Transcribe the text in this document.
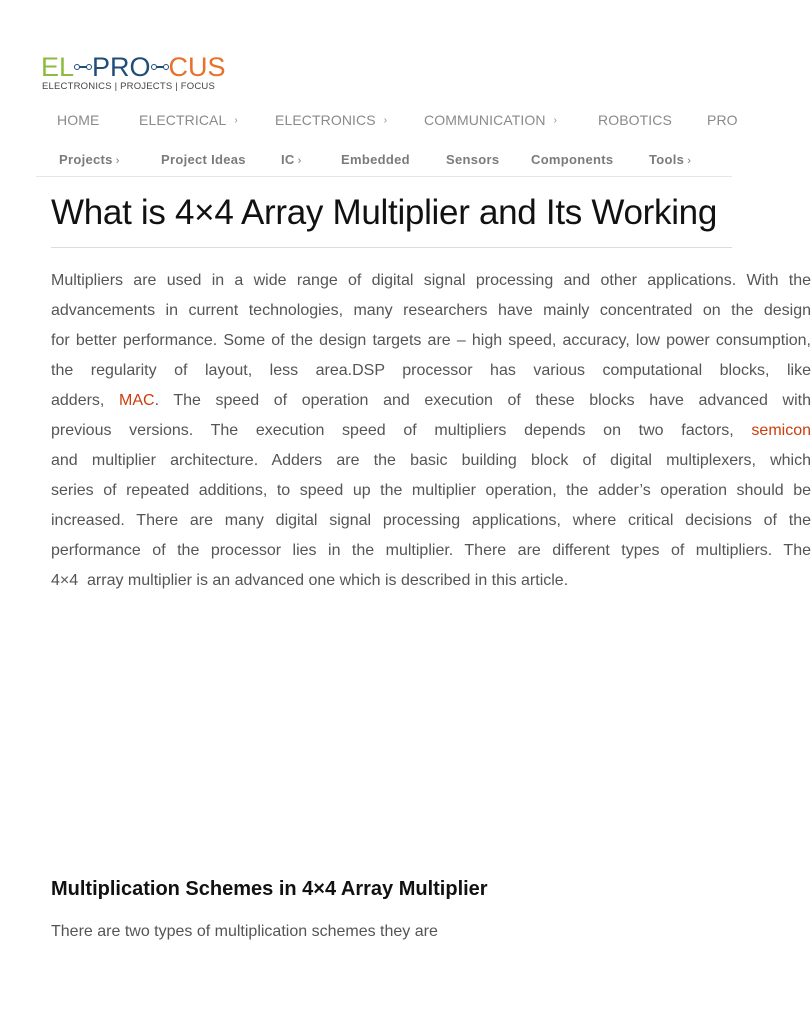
EL PRO CUS
ELECTRONICS | PROJECTS | FOCUS
HOME	ELECTRICAL ›	ELECTRONICS ›	COMMUNICATION ›	ROBOTICS	PRO
Projects ›	Project Ideas	IC ›	Embedded	Sensors Components	Tools ›
What is 4×4 Array Multiplier and Its Working
Multipliers are used in a wide range of digital signal processing and other applications. With the
advancements in current technologies, many researchers have mainly concentrated on the design
for better performance. Some of the design targets are – high speed, accuracy, low power consumption,
the regularity of layout, less area.DSP processor has various computational blocks, like
adders, MAC. The speed of operation and execution of these blocks have advanced with
previous versions. The execution speed of multipliers depends on two factors, semicon
and multiplier architecture. Adders are the basic building block of digital multiplexers, which
series of repeated additions, to speed up the multiplier operation, the adder’s operation should be
increased. There are many digital signal processing applications, where critical decisions of the
performance of the processor lies in the multiplier. There are different types of multipliers. The
4×4  array multiplier is an advanced one which is described in this article.
Multiplication Schemes in 4×4 Array Multiplier

There are two types of multiplication schemes they are
